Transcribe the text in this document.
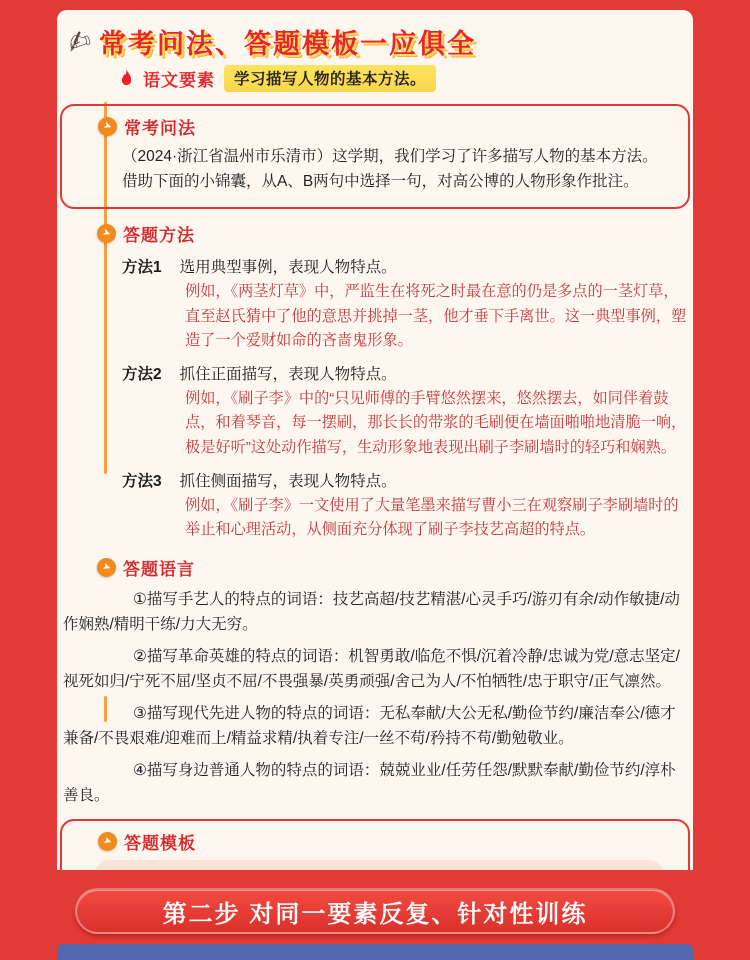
✍ 常考问法、答题模板一应俱全
语文要素	学习描写人物的基本方法。
➤ 常考问法

（2024·浙江省温州市乐清市）这学期，我们学习了许多描写人物的基本方法。借助下面的小锦囊，从A、B两句中选择一句，对高公博的人物形象作批注。

➤ 答题方法
方法1 选用典型事例，表现人物特点。

例如，《两茎灯草》中，严监生在将死之时最在意的仍是多点的一茎灯草，直至赵氏猜中了他的意思并挑掉一茎，他才垂下手离世。这一典型事例，塑造了一个爱财如命的吝啬鬼形象。

方法2 抓住正面描写，表现人物特点。

例如，《刷子李》中的“只见师傅的手臂悠然摆来，悠然摆去，如同伴着鼓点，和着琴音，每一摆刷，那长长的带浆的毛刷便在墙面啪啪地清脆一响，极是好听”这处动作描写，生动形象地表现出刷子李刷墙时的轻巧和娴熟。

方法3 抓住侧面描写，表现人物特点。

例如，《刷子李》一文使用了大量笔墨来描写曹小三在观察刷子李刷墙时的举止和心理活动，从侧面充分体现了刷子李技艺高超的特点。

➤ 答题语言

①描写手艺人的特点的词语：技艺高超/技艺精湛/心灵手巧/游刃有余/动作敏捷/动作娴熟/精明干练/力大无穷。

②描写革命英雄的特点的词语：机智勇敢/临危不惧/沉着冷静/忠诚为党/意志坚定/视死如归/宁死不屈/坚贞不屈/不畏强暴/英勇顽强/舍己为人/不怕牺牲/忠于职守/正气凛然。

③描写现代先进人物的特点的词语：无私奉献/大公无私/勤俭节约/廉洁奉公/德才兼备/不畏艰难/迎难而上/精益求精/执着专注/一丝不苟/矜持不苟/勤勉敬业。

④描写身边普通人物的特点的词语：兢兢业业/任劳任怨/默默奉献/勤俭节约/淳朴善良。

➤ 答题模板

第二步 对同一要素反复、针对性训练
